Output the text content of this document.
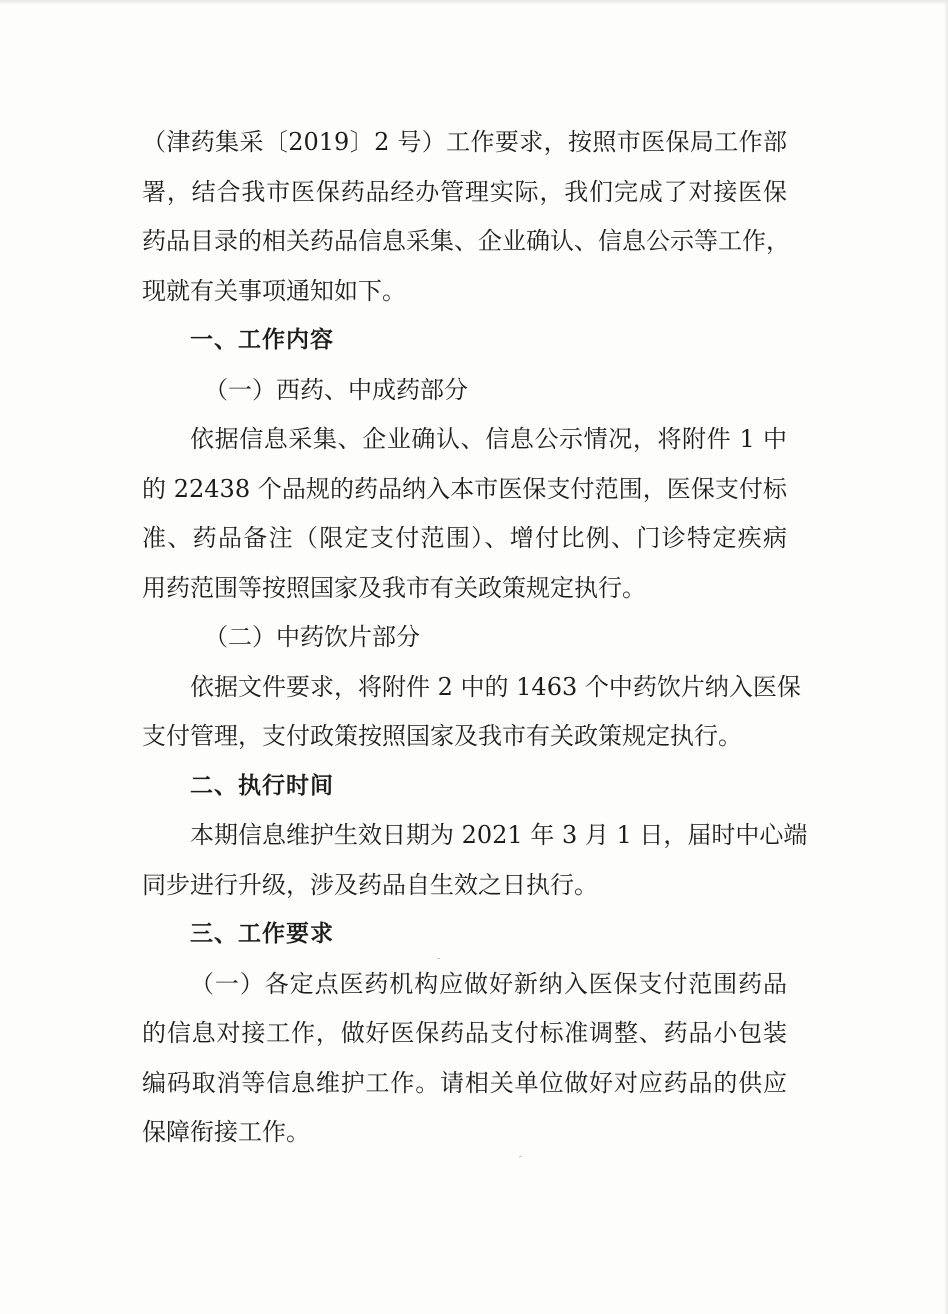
（津药集采〔2019〕2 号）工作要求，按照市医保局工作部
署，结合我市医保药品经办管理实际，我们完成了对接医保
药品目录的相关药品信息采集、企业确认、信息公示等工作，
现就有关事项通知如下。
一、工作内容
（一）西药、中成药部分
依据信息采集、企业确认、信息公示情况，将附件 1 中
的 22438 个品规的药品纳入本市医保支付范围，医保支付标
准、药品备注（限定支付范围）、增付比例、门诊特定疾病
用药范围等按照国家及我市有关政策规定执行。
（二）中药饮片部分
依据文件要求，将附件 2 中的 1463 个中药饮片纳入医保
支付管理，支付政策按照国家及我市有关政策规定执行。
二、执行时间
本期信息维护生效日期为 2021 年 3 月 1 日，届时中心端
同步进行升级，涉及药品自生效之日执行。
三、工作要求
（一）各定点医药机构应做好新纳入医保支付范围药品
的信息对接工作，做好医保药品支付标准调整、药品小包装
编码取消等信息维护工作。请相关单位做好对应药品的供应
保障衔接工作。
